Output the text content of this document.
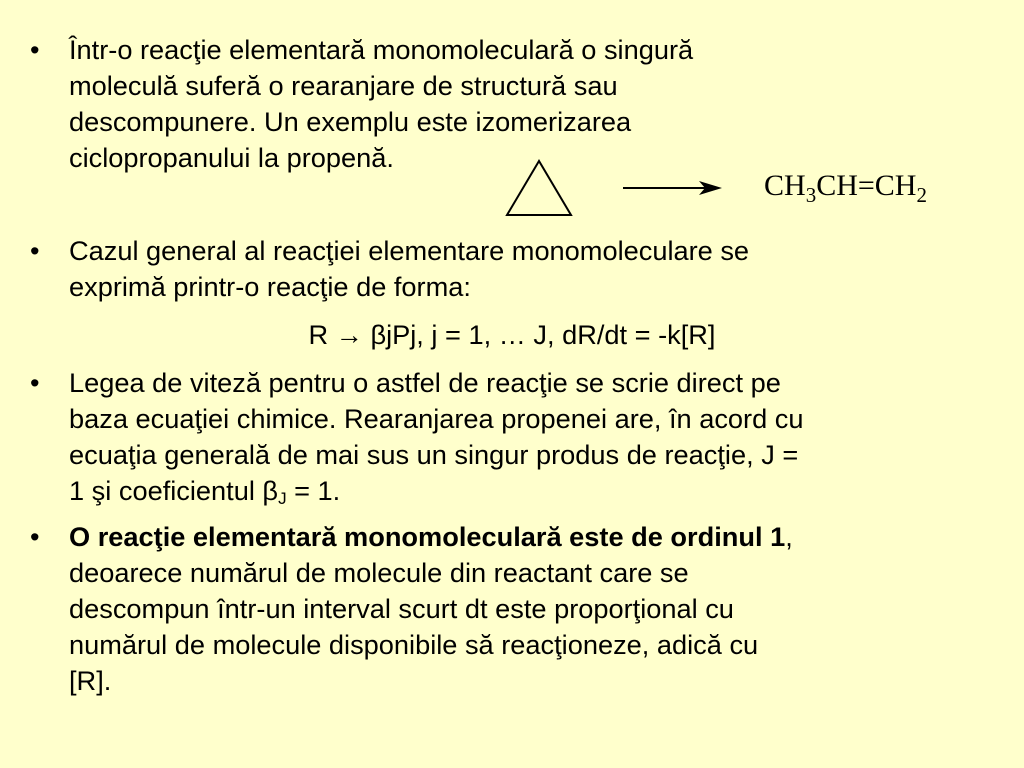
•
•
•
•
Într-o reacţie elementară monomoleculară o singură
moleculă suferă o rearanjare de structură sau
descompunere. Un exemplu este izomerizarea
ciclopropanului la propenă.
$CH_3CH=CH_2$
Cazul general al reacţiei elementare monomoleculare se
exprimă printr-o reacţie de forma:
R → βjPj, j = 1, … J, dR/dt = -k[R]
Legea de viteză pentru o astfel de reacţie se scrie direct pe
baza ecuaţiei chimice. Rearanjarea propenei are, în acord cu
ecuaţia generală de mai sus un singur produs de reacţie, J =
1 şi coeficientul $\beta_J = 1$.
O reacţie elementară monomoleculară este de ordinul 1,
deoarece numărul de molecule din reactant care se
descompun într-un interval scurt dt este proporţional cu
numărul de molecule disponibile să reacţioneze, adică cu
[R].
